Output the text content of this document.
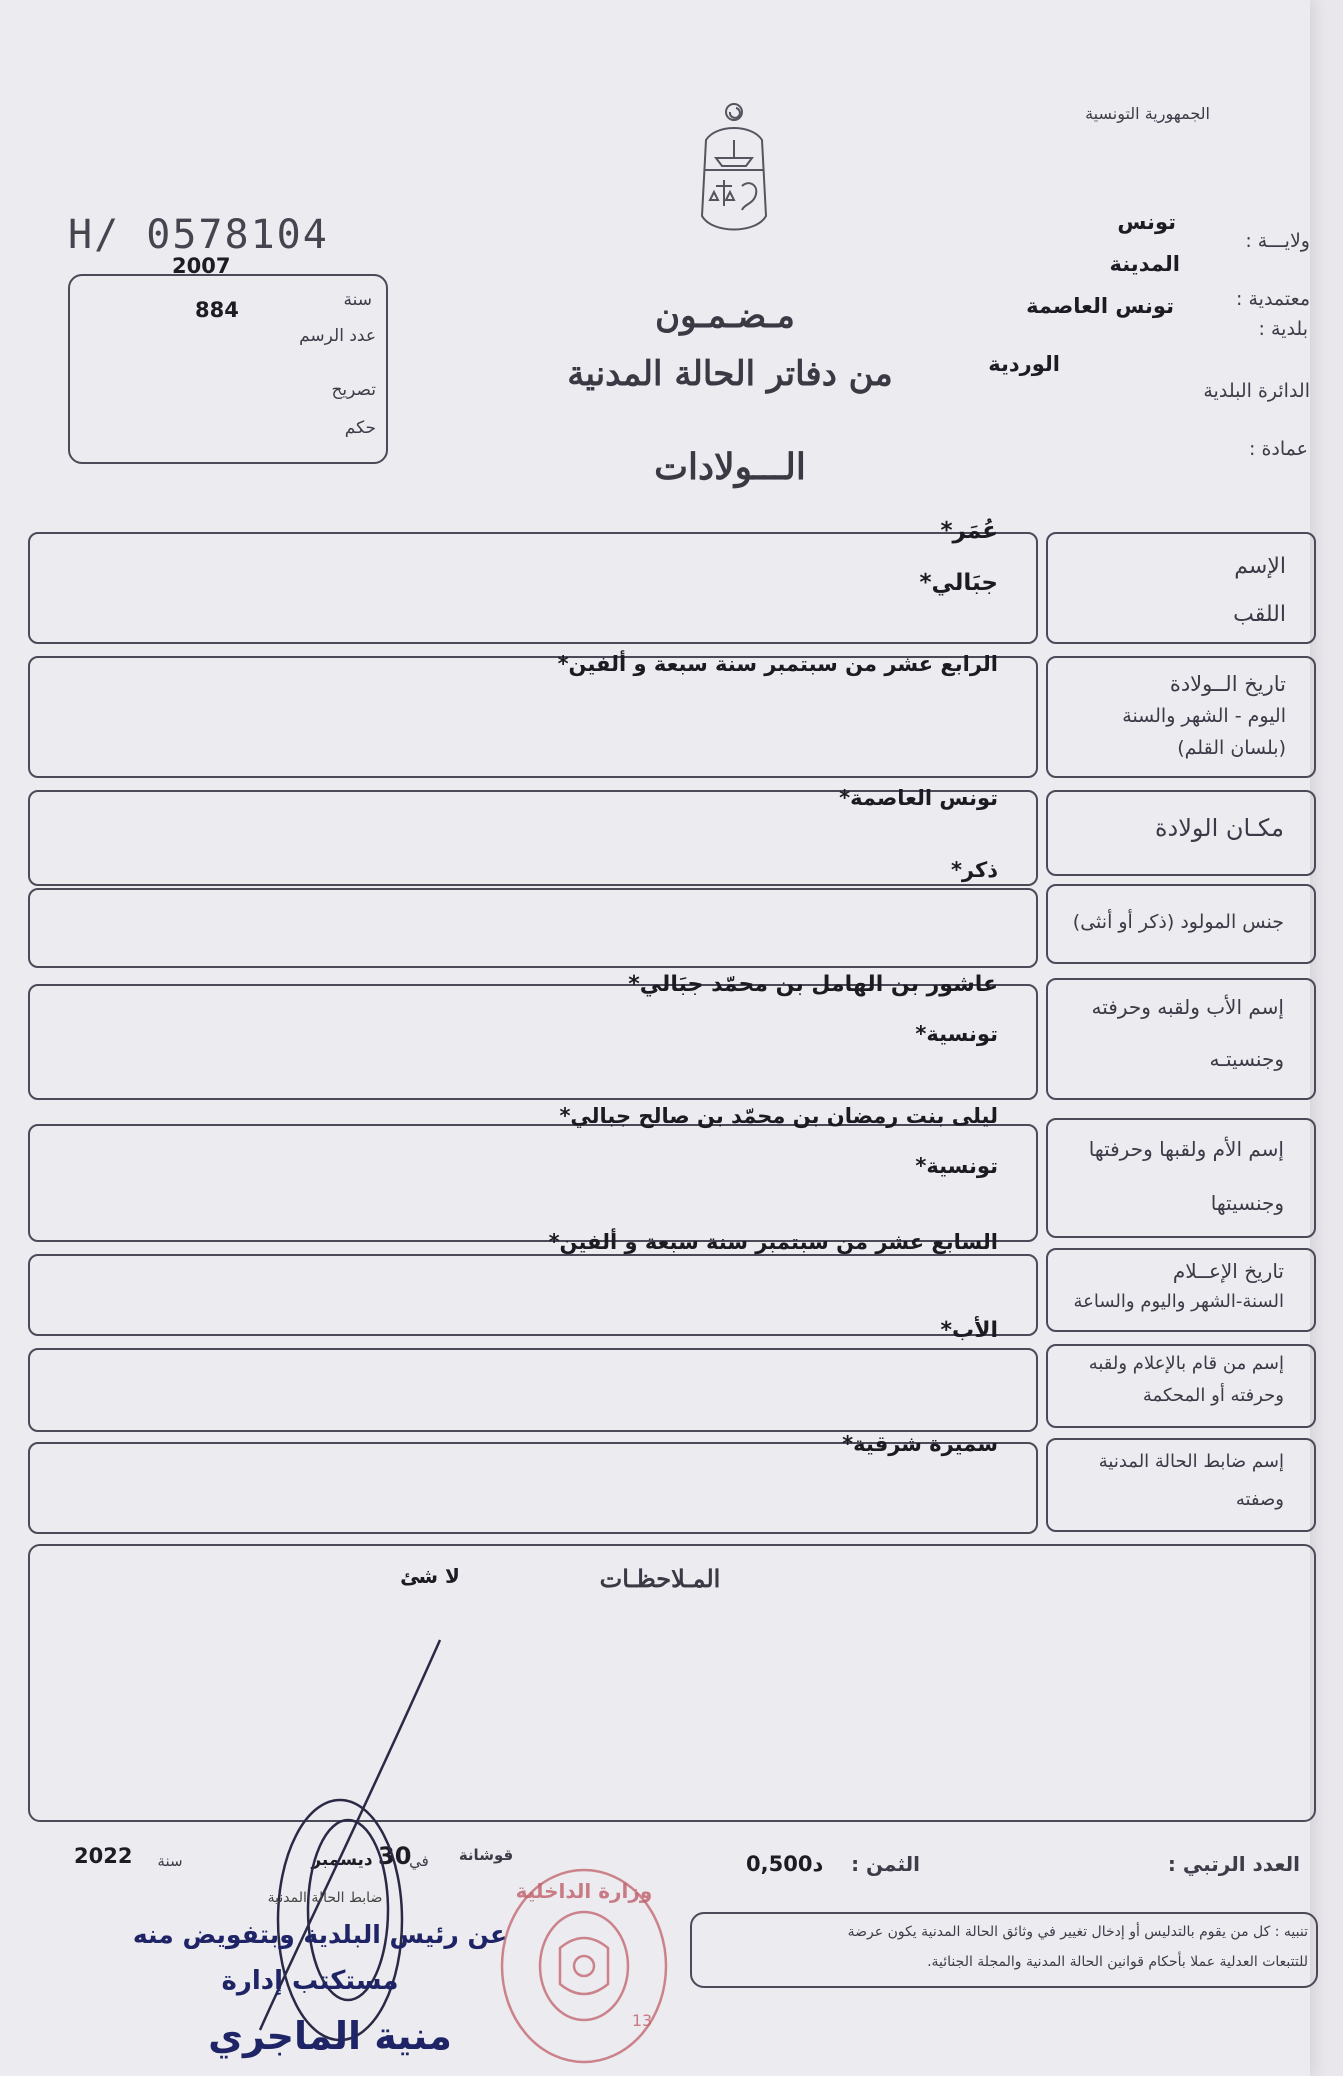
الجمهورية التونسية
H/ 0578104
2007
سنة
884
عدد الرسم
تصريح
حكم
مـضـمـون
من دفاتر الحالة المدنية
الـــولادات
ولايـــة :
تونس
المدينة
معتمدية :
تونس العاصمة
بلدية :
الوردية
الدائرة البلدية
عمادة :
الإسم
اللقب
عُمَر*
جبَالي*
تاريخ الــولادة
اليوم - الشهر والسنة
(بلسان القلم)
الرابع عشر من سبتمبر سنة سبعة و ألفين*
مكـان الولادة
تونس العاصمة*
ذكر*
جنس المولود (ذكر أو أنثى)
إسم الأب ولقبه وحرفته
وجنسيتـه
عاشور بن الهامل بن محمّد جبَالي*
تونسية*
إسم الأم ولقبها وحرفتها
وجنسيتها
ليلى بنت رمضان بن محمّد بن صالح جبالي*
تونسية*
تاريخ الإعــلام
السنة-الشهر واليوم والساعة
السابع عشر من سبتمبر سنة سبعة و ألفين*
إسم من قام بالإعلام ولقبه
وحرفته أو المحكمة
الأب*
إسم ضابط الحالة المدنية
وصفته
سميرة شرقية*
المـلاحظـات
لا شئ
العدد الرتبي :
الثمن :
0,500د
قوشانة
في
30
ديسمبر
سنة
2022
تنبيه : كل من يقوم بالتدليس أو إدخال تغيير في وثائق الحالة المدنية يكون عرضة
للتتبعات العدلية عملا بأحكام قوانين الحالة المدنية والمجلة الجنائية.
وزارة الداخلية
13
ضابط الحالة المدنية
عن رئيس البلدية وبتفويض منه
مستكتب إدارة
منية الماجري
